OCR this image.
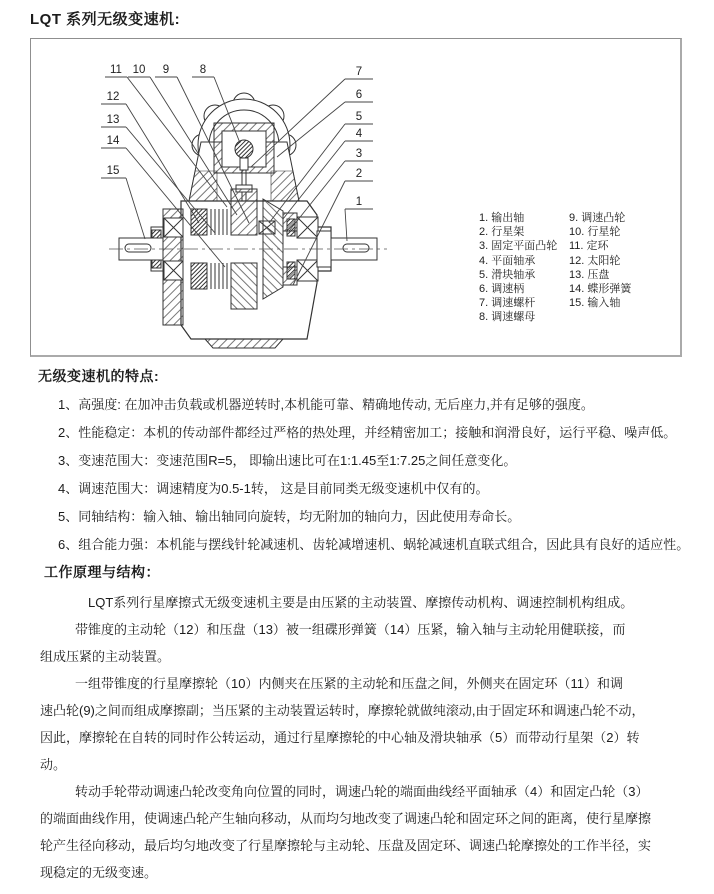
LQT 系列无级变速机:
11 10 9	8	7
6
5
4
3
2
1
12
13
14
15
1. 输出轴
2. 行星架
3. 固定平面凸轮
4. 平面轴承
5. 滑块轴承
6. 调速柄
7. 调速螺杆
8. 调速螺母
9. 调速凸轮
10. 行星轮
11. 定环
12. 太阳轮
13. 压盘
14. 蝶形弹簧
15. 输入轴
无级变速机的特点:
1、高强度: 在加冲击负载或机器逆转时,本机能可靠、精确地传动, 无后座力,并有足够的强度。
2、性能稳定：本机的传动部件都经过严格的热处理，并经精密加工；接触和润滑良好，运行平稳、噪声低。
3、变速范围大：变速范围R=5， 即输出速比可在1:1.45至1:7.25之间任意变化。
4、调速范围大：调速精度为0.5-1转， 这是目前同类无级变速机中仅有的。
5、同轴结构：输入轴、输出轴同向旋转，均无附加的轴向力，因此使用寿命长。
6、组合能力强：本机能与摆线针轮减速机、齿轮减增速机、蜗轮减速机直联式组合，因此具有良好的适应性。
工作原理与结构：
LQT系列行星摩擦式无级变速机主要是由压紧的主动装置、摩擦传动机构、调速控制机构组成。
带锥度的主动轮（12）和压盘（13）被一组碟形弹簧（14）压紧，输入轴与主动轮用健联接，而
组成压紧的主动装置。
一组带锥度的行星摩擦轮（10）内侧夹在压紧的主动轮和压盘之间，外侧夹在固定环（11）和调
速凸轮(9)之间而组成摩擦副；当压紧的主动装置运转时，摩擦轮就做纯滚动,由于固定环和调速凸轮不动，
因此，摩擦轮在自转的同时作公转运动，通过行星摩擦轮的中心轴及滑块轴承（5）而带动行星架（2）转
动。
转动手轮带动调速凸轮改变角向位置的同时，调速凸轮的端面曲线经平面轴承（4）和固定凸轮（3）
的端面曲线作用，使调速凸轮产生轴向移动，从而均匀地改变了调速凸轮和固定环之间的距离，使行星摩擦
轮产生径向移动，最后均匀地改变了行星摩擦轮与主动轮、压盘及固定环、调速凸轮摩擦处的工作半径，实
现稳定的无级变速。
